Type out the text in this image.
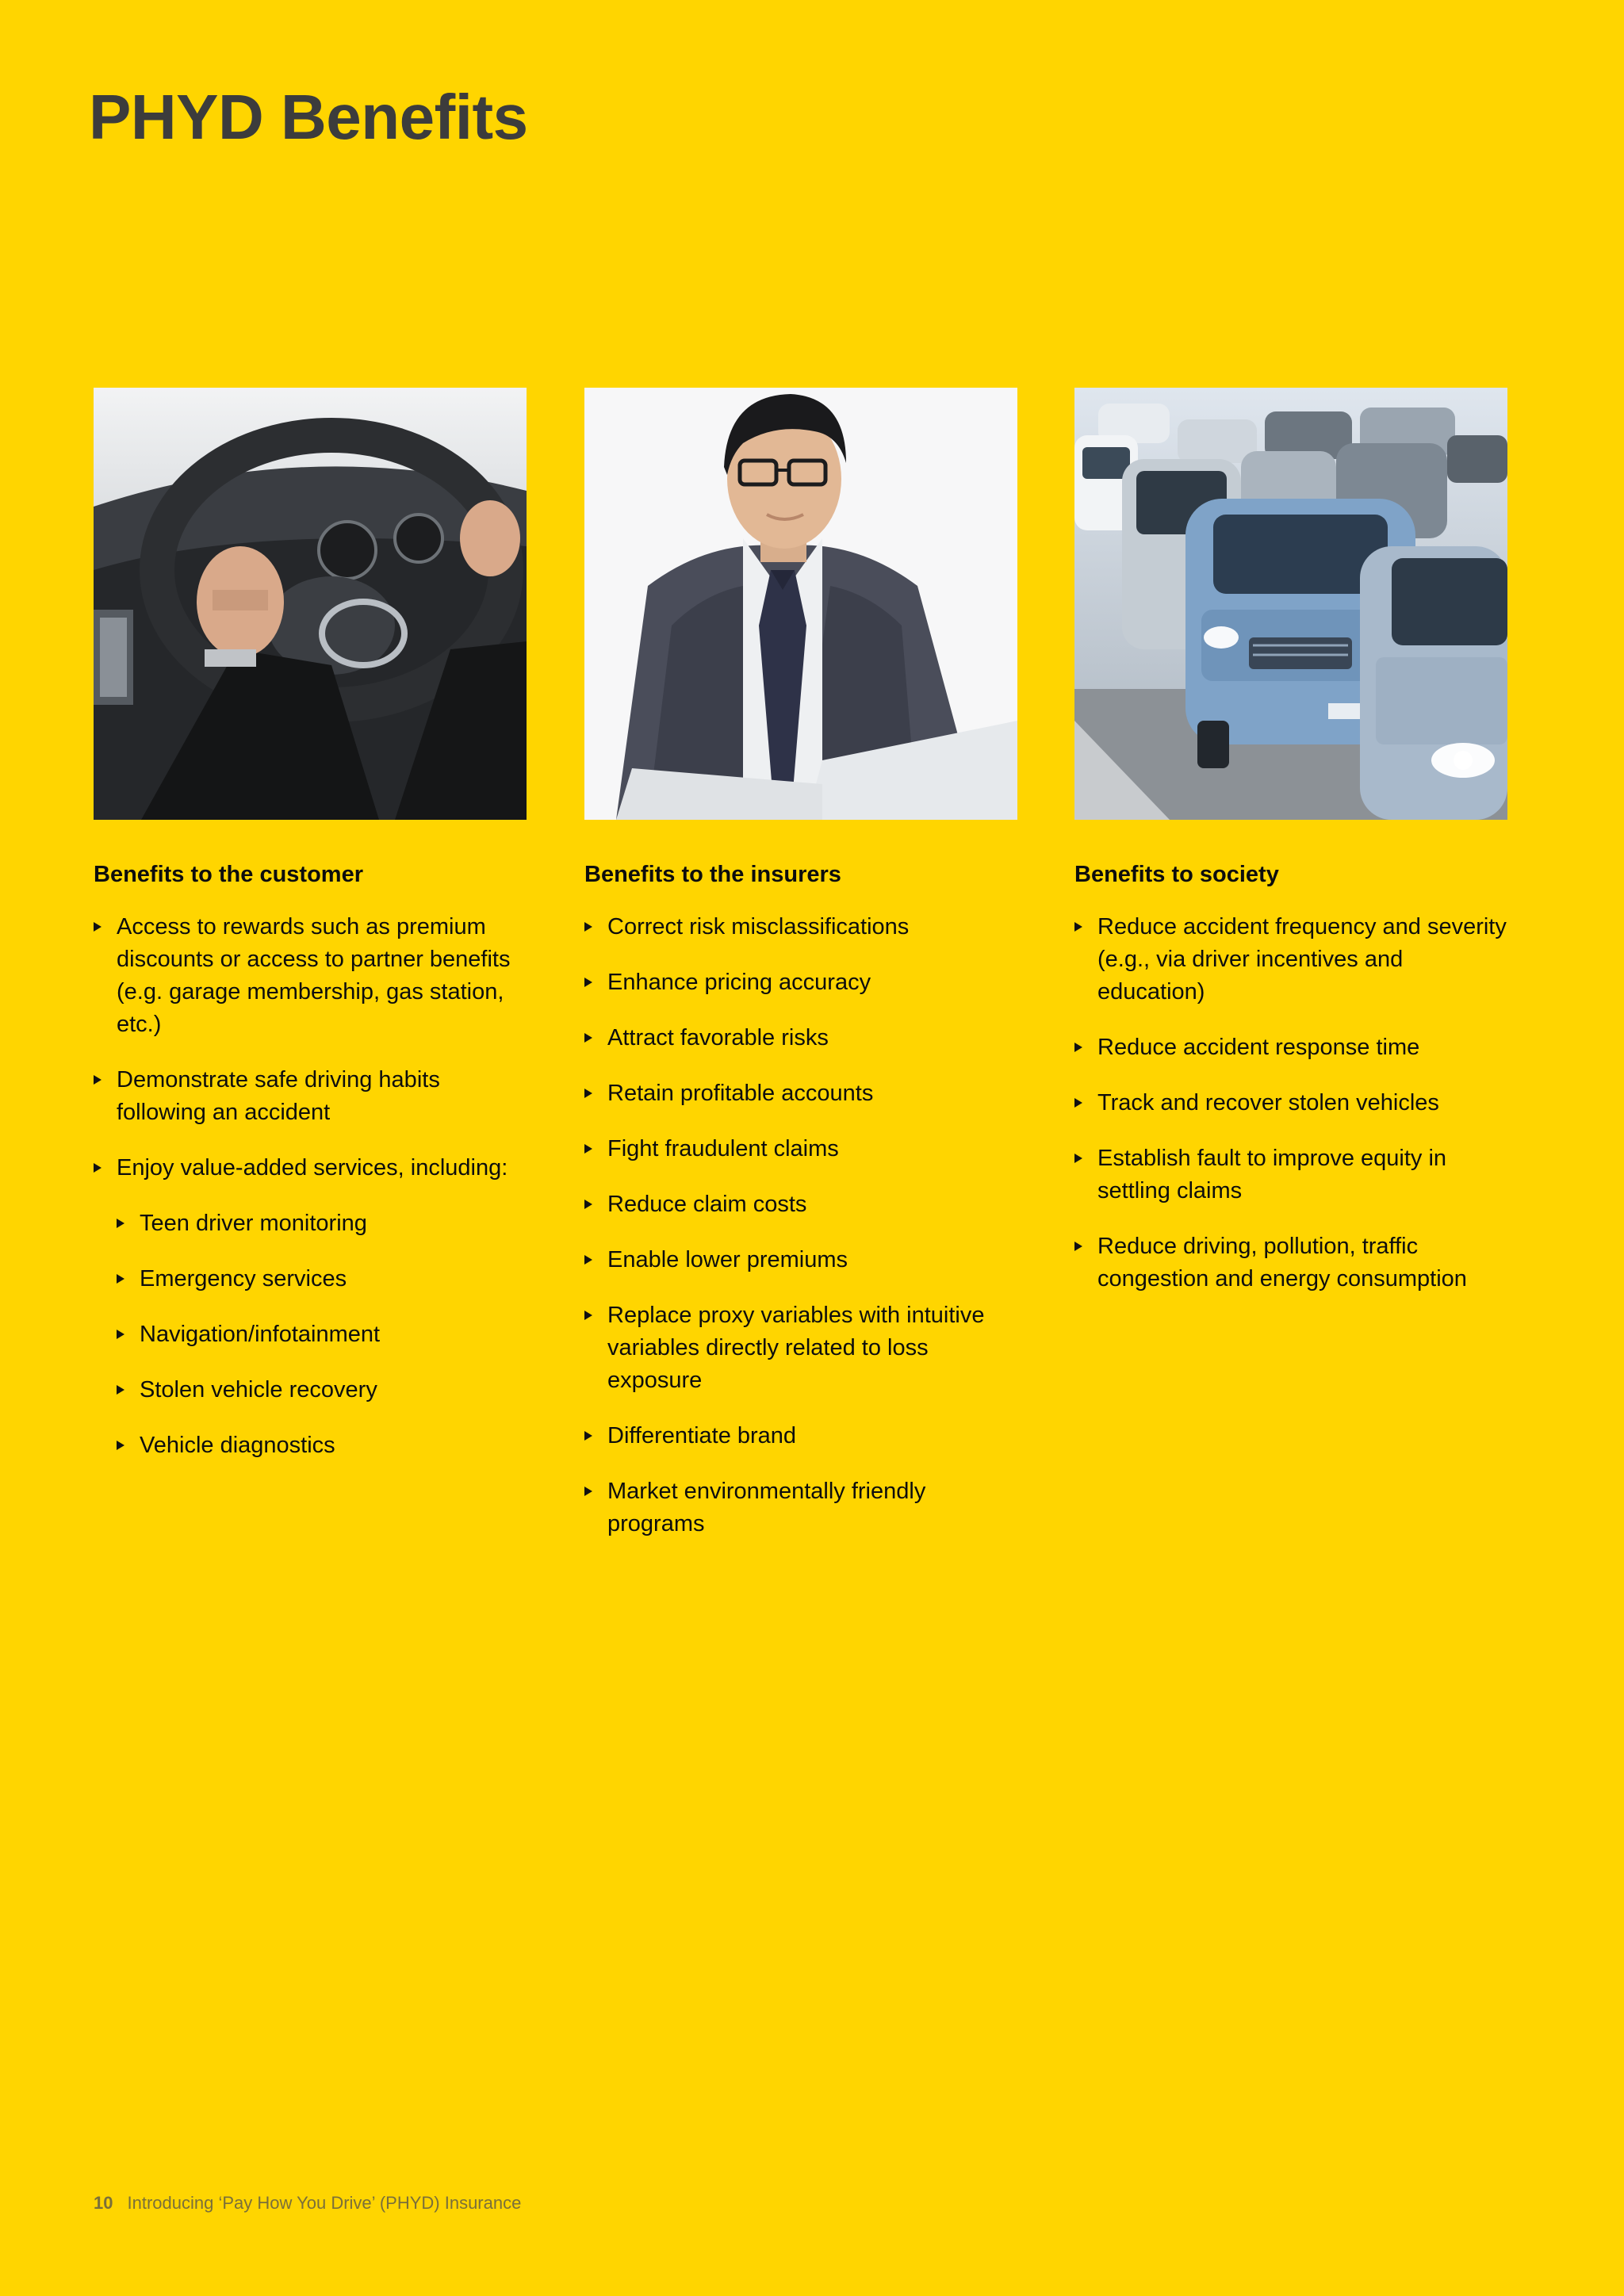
PHYD Benefits
Benefits to the customer
Access to rewards such as premium discounts or access to partner benefits (e.g. garage membership, gas station, etc.)
Demonstrate safe driving habits following an accident
Enjoy value-added services, including:
Teen driver monitoring
Emergency services
Navigation/infotainment
Stolen vehicle recovery
Vehicle diagnostics
Benefits to the insurers
Correct risk misclassifications
Enhance pricing accuracy
Attract favorable risks
Retain profitable accounts
Fight fraudulent claims
Reduce claim costs
Enable lower premiums
Replace proxy variables with intuitive variables directly related to loss exposure
Differentiate brand
Market environmentally friendly programs
Benefits to society
Reduce accident frequency and severity (e.g., via driver incentives and education)
Reduce accident response time
Track and recover stolen vehicles
Establish fault to improve equity in settling claims
Reduce driving, pollution, traffic congestion and energy consumption
10 Introducing ‘Pay How You Drive’ (PHYD) Insurance
